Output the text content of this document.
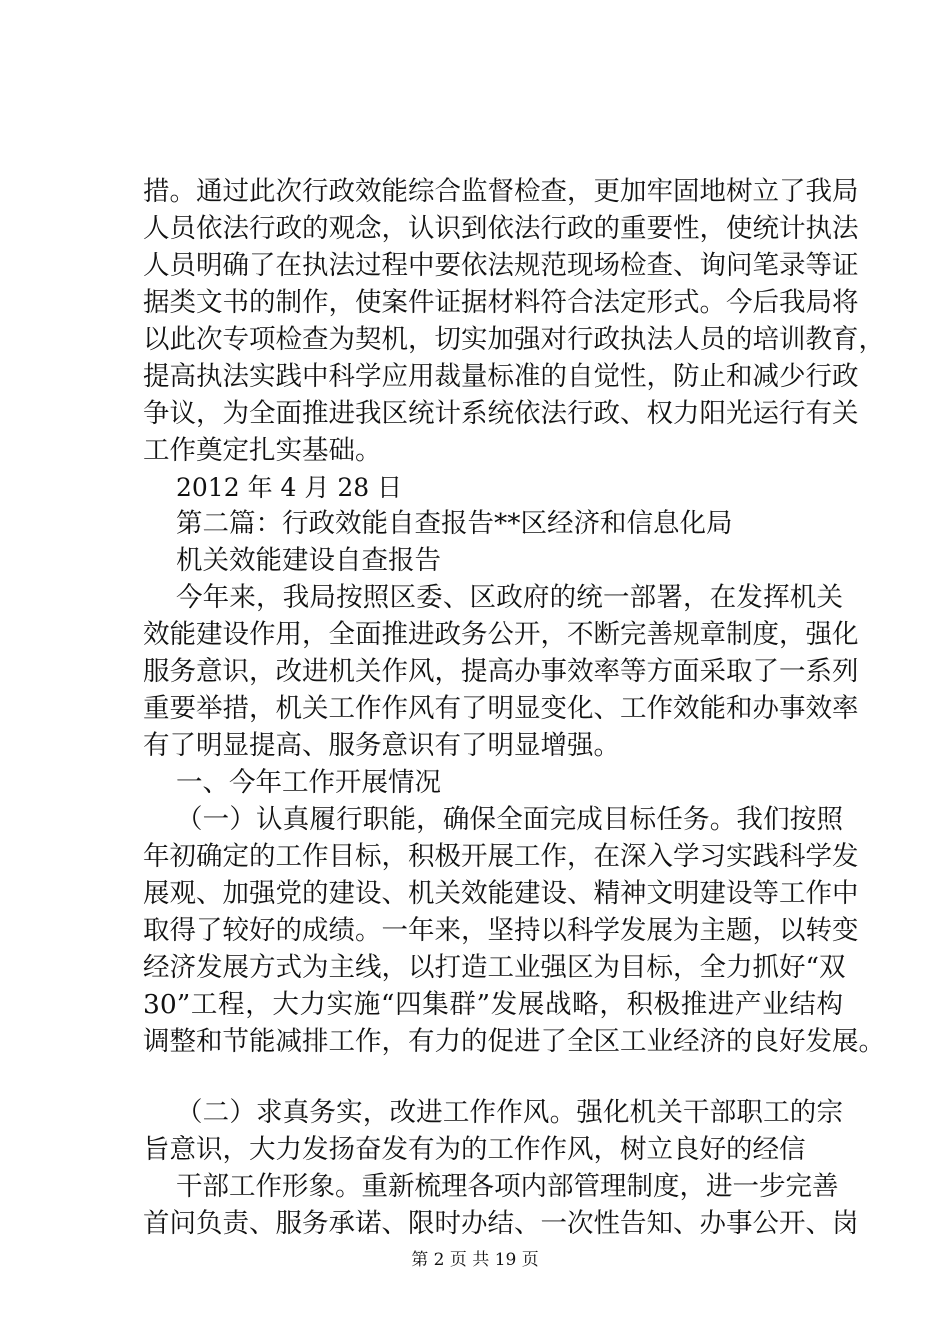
措。通过此次行政效能综合监督检查，更加牢固地树立了我局
人员依法行政的观念，认识到依法行政的重要性，使统计执法
人员明确了在执法过程中要依法规范现场检查、询问笔录等证
据类文书的制作，使案件证据材料符合法定形式。今后我局将
以此次专项检查为契机，切实加强对行政执法人员的培训教育，
提高执法实践中科学应用裁量标准的自觉性，防止和减少行政
争议，为全面推进我区统计系统依法行政、权力阳光运行有关
工作奠定扎实基础。
2012 年 4 月 28 日
第二篇：行政效能自查报告**区经济和信息化局
机关效能建设自查报告
今年来，我局按照区委、区政府的统一部署，在发挥机关
效能建设作用，全面推进政务公开，不断完善规章制度，强化
服务意识，改进机关作风，提高办事效率等方面采取了一系列
重要举措，机关工作作风有了明显变化、工作效能和办事效率
有了明显提高、服务意识有了明显增强。
一、今年工作开展情况
（一）认真履行职能，确保全面完成目标任务。我们按照
年初确定的工作目标，积极开展工作，在深入学习实践科学发
展观、加强党的建设、机关效能建设、精神文明建设等工作中
取得了较好的成绩。一年来，坚持以科学发展为主题，以转变
经济发展方式为主线，以打造工业强区为目标，全力抓好“双
30”工程，大力实施“四集群”发展战略，积极推进产业结构
调整和节能减排工作，有力的促进了全区工业经济的良好发展。
（二）求真务实，改进工作作风。强化机关干部职工的宗
旨意识，大力发扬奋发有为的工作作风，树立良好的经信
干部工作形象。重新梳理各项内部管理制度，进一步完善
首问负责、服务承诺、限时办结、一次性告知、办事公开、岗
第 2 页 共 19 页
